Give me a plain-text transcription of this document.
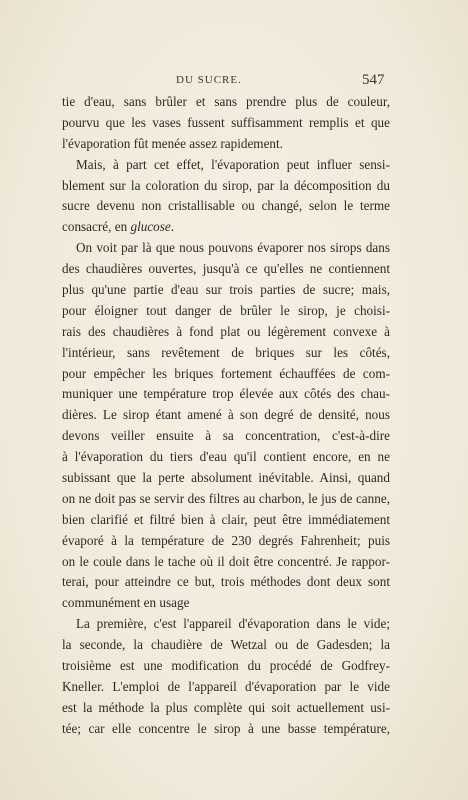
DU SUCRE.	547
tie d'eau, sans brûler et sans prendre plus de couleur,
pourvu que les vases fussent suffisamment remplis et que
l'évaporation fût menée assez rapidement.
Mais, à part cet effet, l'évaporation peut influer sensi-
blement sur la coloration du sirop, par la décomposition du
sucre devenu non cristallisable ou changé, selon le terme
consacré, en glucose.
On voit par là que nous pouvons évaporer nos sirops dans
des chaudières ouvertes, jusqu'à ce qu'elles ne contiennent
plus qu'une partie d'eau sur trois parties de sucre; mais,
pour éloigner tout danger de brûler le sirop, je choisi-
rais des chaudières à fond plat ou légèrement convexe à
l'intérieur, sans revêtement de briques sur les côtés,
pour empêcher les briques fortement échauffées de com-
muniquer une température trop élevée aux côtés des chau-
dières. Le sirop étant amené à son degré de densité, nous
devons veiller ensuite à sa concentration, c'est-à-dire
à l'évaporation du tiers d'eau qu'il contient encore, en ne
subissant que la perte absolument inévitable. Ainsi, quand
on ne doit pas se servir des filtres au charbon, le jus de canne,
bien clarifié et filtré bien à clair, peut être immédiatement
évaporé à la température de 230 degrés Fahrenheit; puis
on le coule dans le tache où il doit être concentré. Je rappor-
terai, pour atteindre ce but, trois méthodes dont deux sont
communément en usage
La première, c'est l'appareil d'évaporation dans le vide;
la seconde, la chaudière de Wetzal ou de Gadesden; la
troisième est une modification du procédé de Godfrey-
Kneller. L'emploi de l'appareil d'évaporation par le vide
est la méthode la plus complète qui soit actuellement usi-
tée; car elle concentre le sirop à une basse température,
